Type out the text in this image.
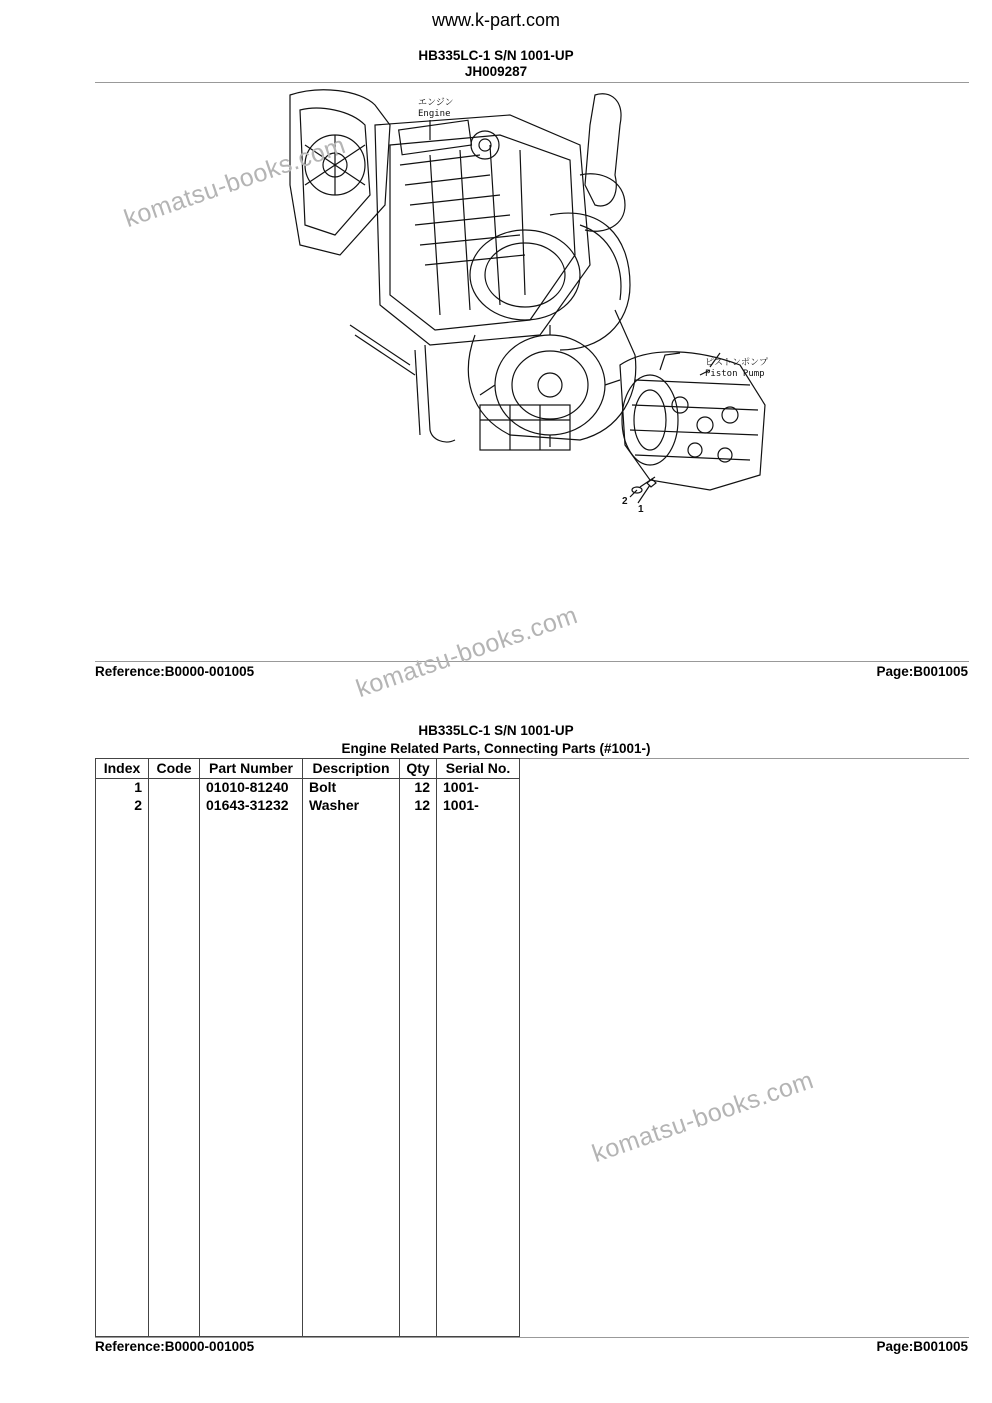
www.k-part.com
HB335LC-1 S/N 1001-UP
JH009287
エンジン
Engine
ピストンポンプ
Piston Pump
2
1
Reference:B0000-001005	Page:B001005
HB335LC-1 S/N 1001-UP
Engine Related Parts, Connecting Parts (#1001-)
Index	Code	Part Number	Description	Qty	Serial No.
1		01010-81240	Bolt	12	1001-
2		01643-31232	Washer	12	1001-

Reference:B0000-001005	Page:B001005
komatsu-books.com
komatsu-books.com
komatsu-books.com
